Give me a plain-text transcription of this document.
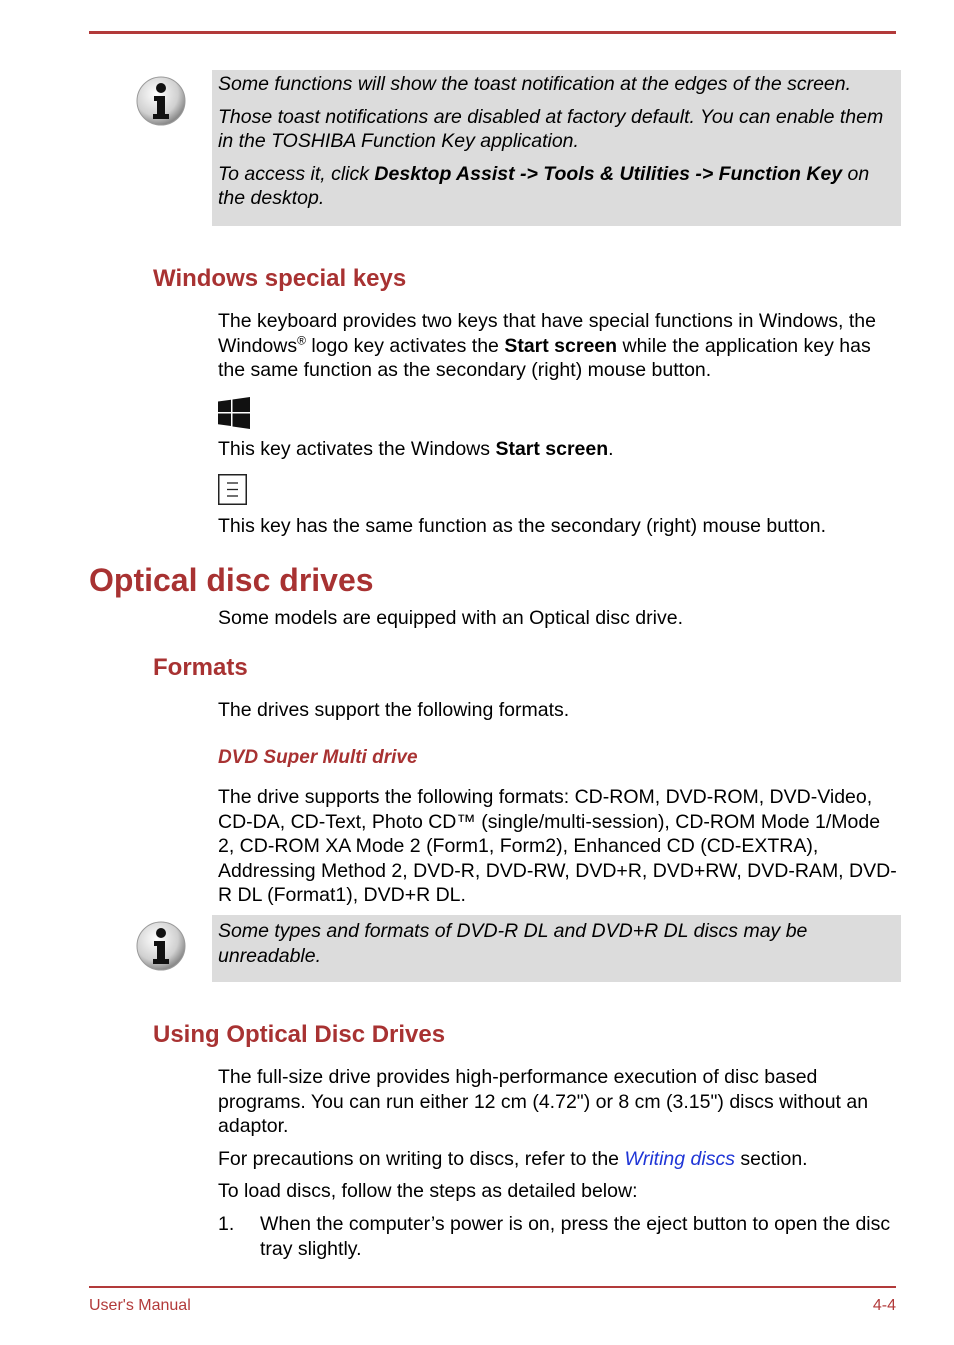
Some functions will show the toast notification at the edges of the screen.

Those toast notifications are disabled at factory default. You can enable them in the TOSHIBA Function Key application.

To access it, click Desktop Assist -> Tools & Utilities -> Function Key on the desktop.

Windows special keys

The keyboard provides two keys that have special functions in Windows, the Windows® logo key activates the Start screen while the application key has the same function as the secondary (right) mouse button.

This key activates the Windows Start screen.

This key has the same function as the secondary (right) mouse button.
Optical disc drives
Some models are equipped with an Optical disc drive.
Formats
The drives support the following formats.
DVD Super Multi drive
The drive supports the following formats: CD-ROM, DVD-ROM, DVD-Video, CD-DA, CD-Text, Photo CD™ (single/multi-session), CD-ROM Mode 1/Mode 2, CD-ROM XA Mode 2 (Form1, Form2), Enhanced CD (CD-EXTRA), Addressing Method 2, DVD-R, DVD-RW, DVD+R, DVD+RW, DVD-RAM, DVD-R DL (Format1), DVD+R DL.

Some types and formats of DVD-R DL and DVD+R DL discs may be unreadable.

Using Optical Disc Drives
The full-size drive provides high-performance execution of disc based programs. You can run either 12 cm (4.72") or 8 cm (3.15") discs without an adaptor.

For precautions on writing to discs, refer to the Writing discs section.

To load discs, follow the steps as detailed below:
1. When the computer’s power is on, press the eject button to open the disc tray slightly.
User's Manual	4-4
